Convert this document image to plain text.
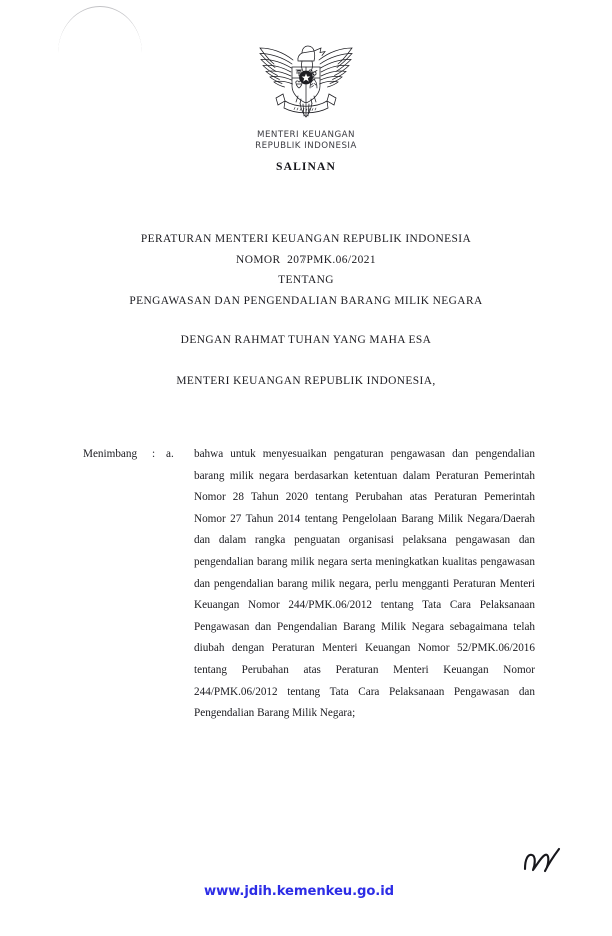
MENTERI KEUANGAN
REPUBLIK INDONESIA
SALINAN
PERATURAN MENTERI KEUANGAN REPUBLIK INDONESIA
NOMOR 207/PMK.06/2021
TENTANG
PENGAWASAN DAN PENGENDALIAN BARANG MILIK NEGARA
DENGAN RAHMAT TUHAN YANG MAHA ESA
MENTERI KEUANGAN REPUBLIK INDONESIA,
Menimbang	: a.	bahwa untuk menyesuaikan pengaturan pengawasan dan pengendalian barang milik negara berdasarkan ketentuan dalam Peraturan Pemerintah Nomor 28 Tahun 2020 tentang Perubahan atas Peraturan Pemerintah Nomor 27 Tahun 2014 tentang Pengelolaan Barang Milik Negara/Daerah dan dalam rangka penguatan organisasi pelaksana pengawasan dan pengendalian barang milik negara serta meningkatkan kualitas pengawasan dan pengendalian barang milik negara, perlu mengganti Peraturan Menteri Keuangan Nomor 244/PMK.06/2012 tentang Tata Cara Pelaksanaan Pengawasan dan Pengendalian Barang Milik Negara sebagaimana telah diubah dengan Peraturan Menteri Keuangan Nomor 52/PMK.06/2016 tentang Perubahan atas Peraturan Menteri Keuangan Nomor 244/PMK.06/2012 tentang Tata Cara Pelaksanaan Pengawasan dan Pengendalian Barang Milik Negara;

www.jdih.kemenkeu.go.id
